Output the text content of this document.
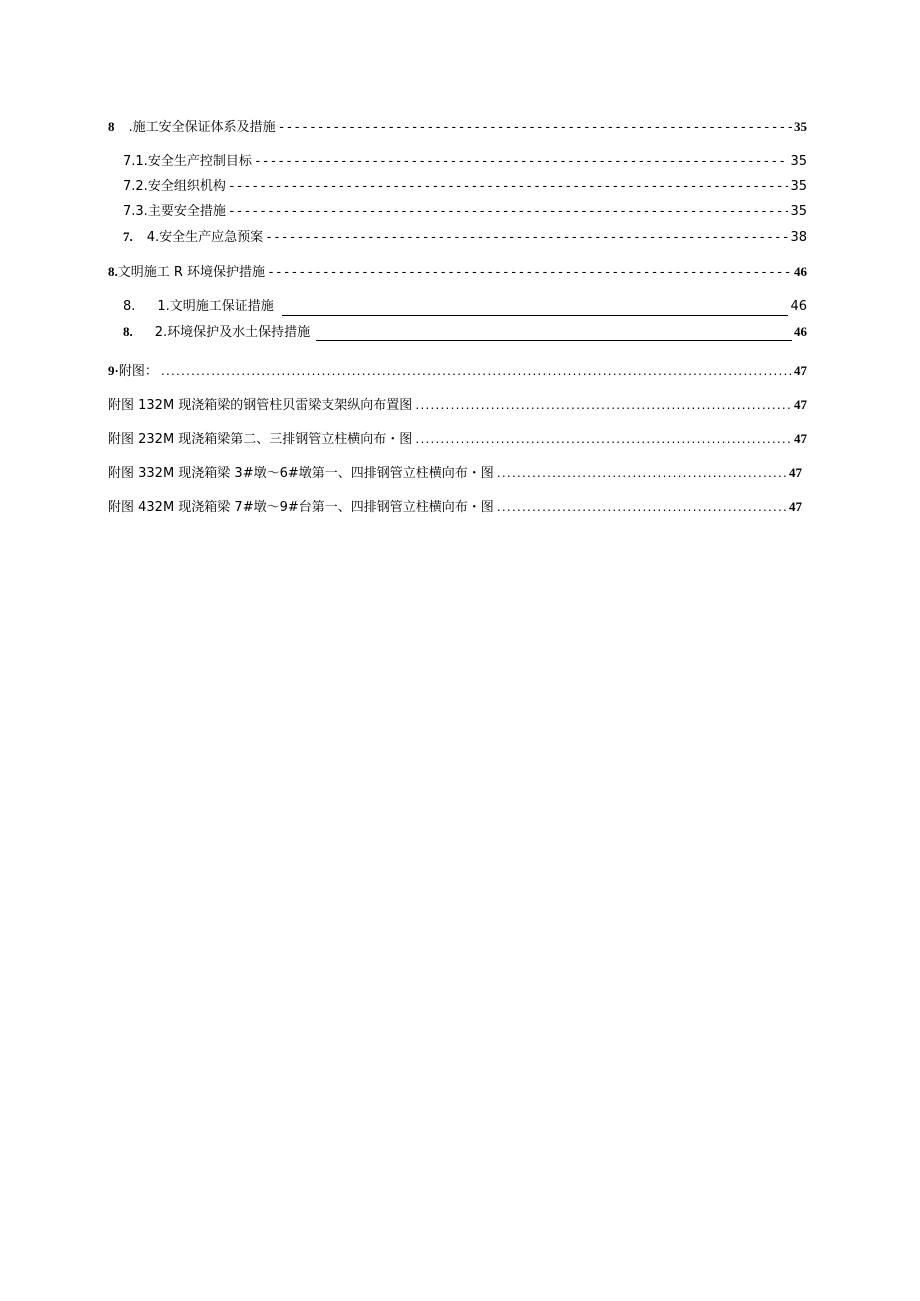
8 .施工安全保证体系及措施 -----	35
7.1. 安全生产控制目标 -----	35
7.2. 安全组织机构 -----	35
7.3. 主要安全措施 -----	35
7. 4.安全生产应急预案 -----	38
8. 文明施工 R 环境保护措施 -----	46
8. 1.文明施工保证措施	46
8. 2.环境保护及水土保持措施	46
9· 附图： .....	47
附图 132M 现浇箱梁的钢管柱贝雷梁支架纵向布置图 .....	47
附图 232M 现浇箱梁第二、三排钢管立柱横向布・图 .....	47
附图 332M 现浇箱梁 3#墩〜6#墩第一、四排钢管立柱横向布・图 .....	47
附图 432M 现浇箱梁 7#墩〜9#台第一、四排钢管立柱横向布・图 .....	47
